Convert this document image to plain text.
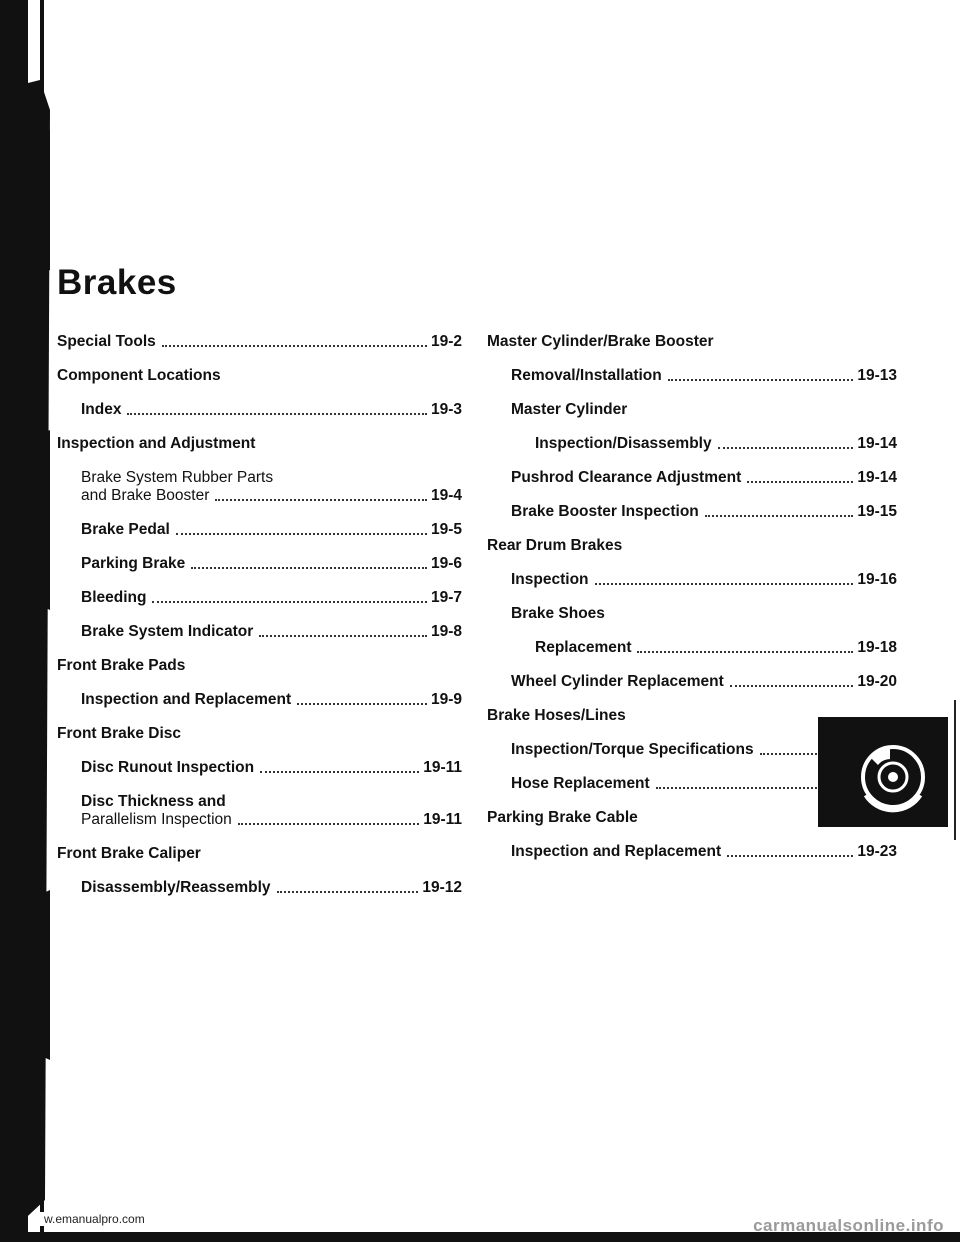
Brakes
Special Tools	19-2
Component Locations
Index	19-3
Inspection and Adjustment
Brake System Rubber Parts
and Brake Booster	19-4
Brake Pedal	19-5
Parking Brake	19-6
Bleeding	19-7
Brake System Indicator	19-8
Front Brake Pads
Inspection and Replacement	19-9
Front Brake Disc
Disc Runout Inspection	19-11
Disc Thickness and
Parallelism Inspection	19-11
Front Brake Caliper
Disassembly/Reassembly	19-12
Master Cylinder/Brake Booster
Removal/Installation	19-13
Master Cylinder
Inspection/Disassembly	19-14
Pushrod Clearance Adjustment	19-14
Brake Booster Inspection	19-15
Rear Drum Brakes
Inspection	19-16
Brake Shoes
Replacement	19-18
Wheel Cylinder Replacement	19-20
Brake Hoses/Lines
Inspection/Torque Specifications
Hose Replacement
Parking Brake Cable
Inspection and Replacement	19-23
w.emanualpro.com	carmanualsonline.info
